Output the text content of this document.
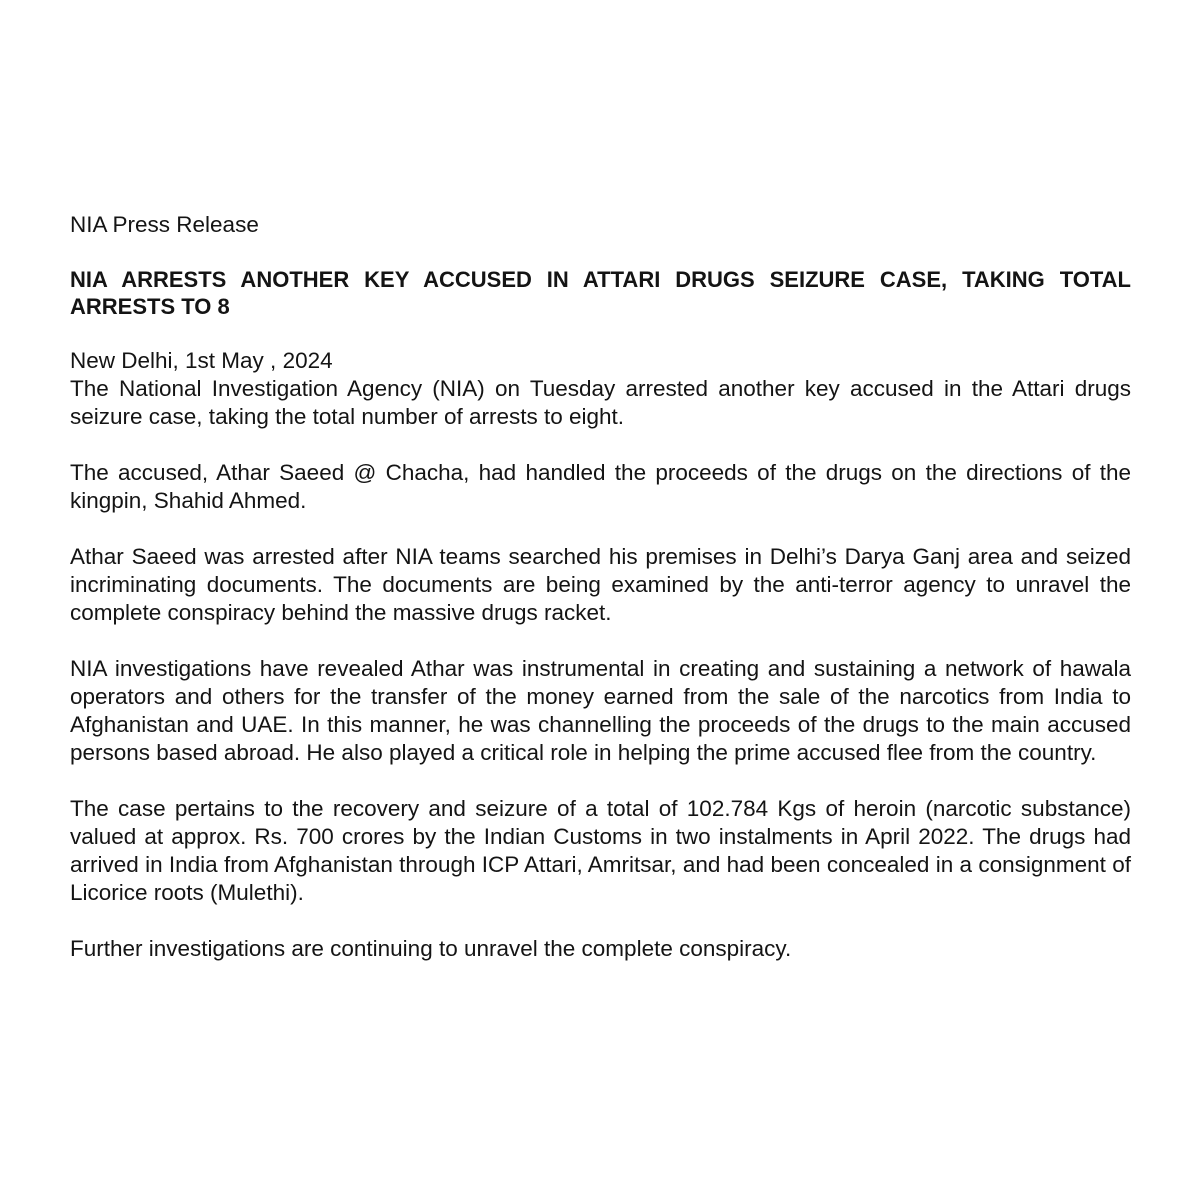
NIA Press Release

NIA ARRESTS ANOTHER KEY ACCUSED IN ATTARI DRUGS SEIZURE CASE, TAKING TOTAL ARRESTS TO 8

New Delhi, 1st May , 2024

The National Investigation Agency (NIA) on Tuesday arrested another key accused in the Attari drugs seizure case, taking the total number of arrests to eight.

The accused, Athar Saeed @ Chacha, had handled the proceeds of the drugs on the directions of the kingpin, Shahid Ahmed.

Athar Saeed was arrested after NIA teams searched his premises in Delhi’s Darya Ganj area and seized incriminating documents. The documents are being examined by the anti-terror agency to unravel the complete conspiracy behind the massive drugs racket.

NIA investigations have revealed Athar was instrumental in creating and sustaining a network of hawala operators and others for the transfer of the money earned from the sale of the narcotics from India to Afghanistan and UAE. In this manner, he was channelling the proceeds of the drugs to the main accused persons based abroad. He also played a critical role in helping the prime accused flee from the country.

The case pertains to the recovery and seizure of a total of 102.784 Kgs of heroin (narcotic substance) valued at approx. Rs. 700 crores by the Indian Customs in two instalments in April 2022. The drugs had arrived in India from Afghanistan through ICP Attari, Amritsar, and had been concealed in a consignment of Licorice roots (Mulethi).

Further investigations are continuing to unravel the complete conspiracy.
